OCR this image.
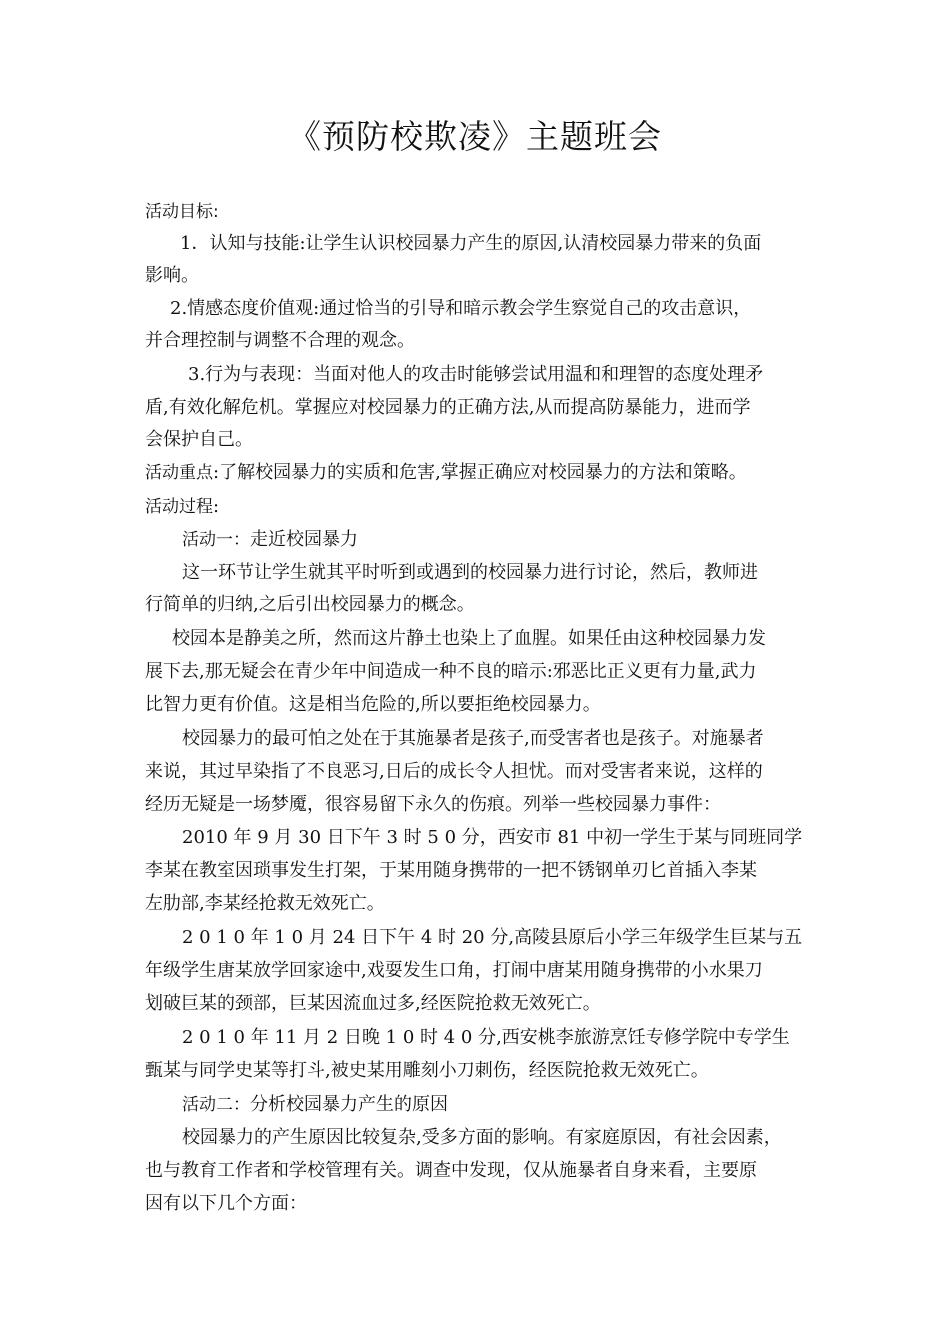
《预防校欺凌》主题班会
活动目标:
1．认知与技能:让学生认识校园暴力产生的原因,认清校园暴力带来的负面
影响。
2.情感态度价值观:通过恰当的引导和暗示教会学生察觉自己的攻击意识，
并合理控制与调整不合理的观念。
3.行为与表现：当面对他人的攻击时能够尝试用温和和理智的态度处理矛
盾,有效化解危机。掌握应对校园暴力的正确方法,从而提高防暴能力，进而学
会保护自己。
活动重点:了解校园暴力的实质和危害,掌握正确应对校园暴力的方法和策略。
活动过程:
活动一：走近校园暴力
这一环节让学生就其平时听到或遇到的校园暴力进行讨论，然后，教师进
行简单的归纳,之后引出校园暴力的概念。
校园本是静美之所，然而这片静土也染上了血腥。如果任由这种校园暴力发
展下去,那无疑会在青少年中间造成一种不良的暗示:邪恶比正义更有力量,武力
比智力更有价值。这是相当危险的,所以要拒绝校园暴力。
校园暴力的最可怕之处在于其施暴者是孩子,而受害者也是孩子。对施暴者
来说，其过早染指了不良恶习,日后的成长令人担忧。而对受害者来说，这样的
经历无疑是一场梦魇，很容易留下永久的伤痕。列举一些校园暴力事件：
2010 年 9 月 30 日下午 3 时 5 0 分，西安市 81 中初一学生于某与同班同学
李某在教室因琐事发生打架，于某用随身携带的一把不锈钢单刃匕首插入李某
左肋部,李某经抢救无效死亡。
2 0 1 0 年 1 0 月 24 日下午 4 时 20 分,高陵县原后小学三年级学生巨某与五
年级学生唐某放学回家途中,戏耍发生口角，打闹中唐某用随身携带的小水果刀
划破巨某的颈部，巨某因流血过多,经医院抢救无效死亡。
2 0 1 0 年 11 月 2 日晚 1 0 时 4 0 分,西安桃李旅游烹饪专修学院中专学生
甄某与同学史某等打斗,被史某用雕刻小刀刺伤，经医院抢救无效死亡。
活动二：分析校园暴力产生的原因
校园暴力的产生原因比较复杂,受多方面的影响。有家庭原因，有社会因素，
也与教育工作者和学校管理有关。调查中发现，仅从施暴者自身来看，主要原
因有以下几个方面：
